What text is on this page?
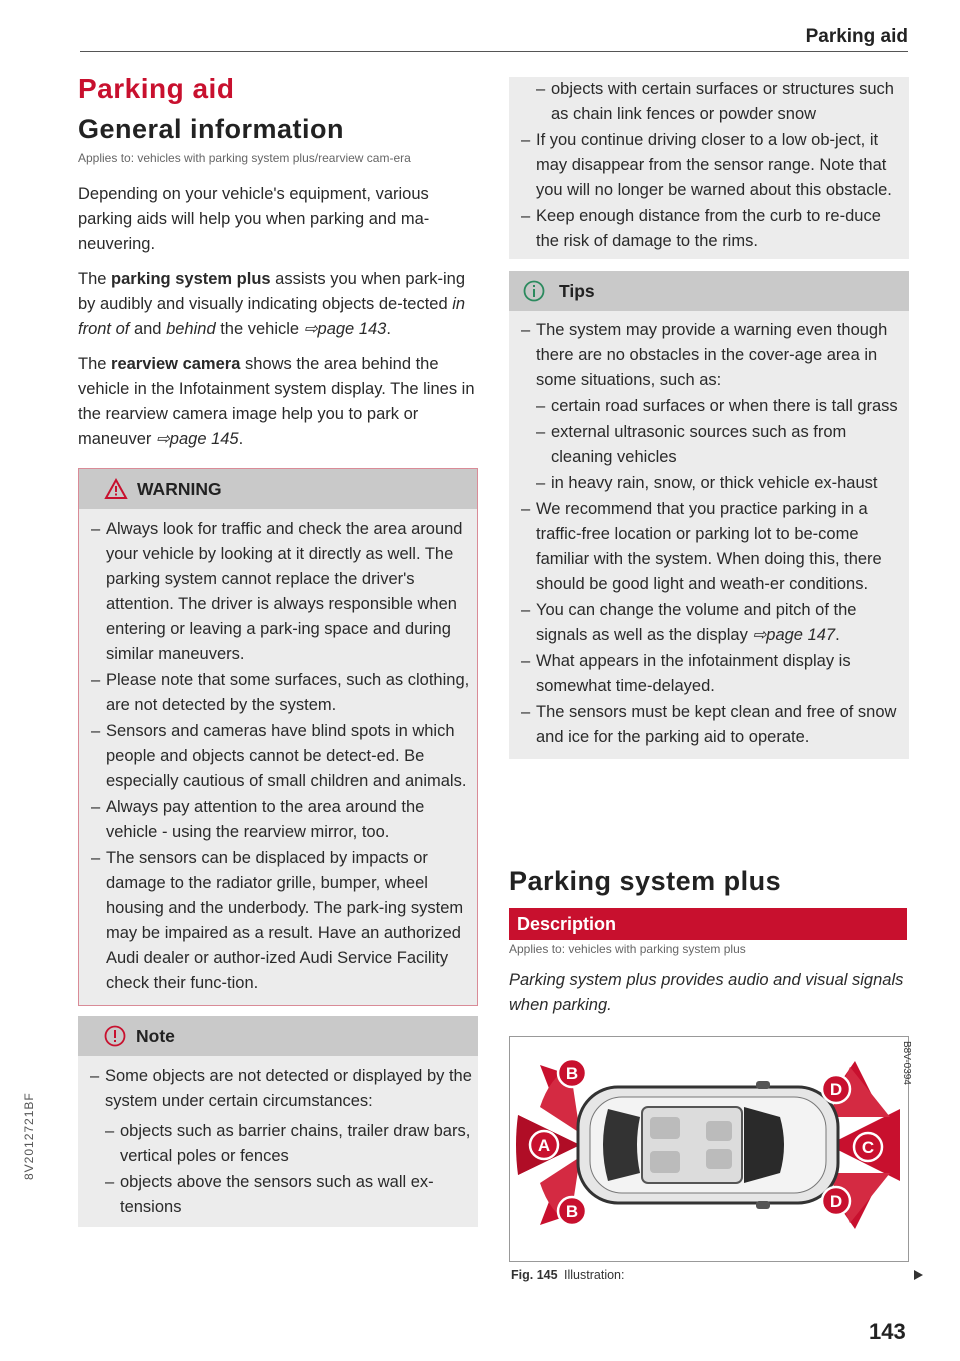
Parking aid
8V2012721BF
Parking aid
General information
Applies to: vehicles with parking system plus/rearview cam-era

Depending on your vehicle's equipment, various parking aids will help you when parking and ma-neuvering.

The parking system plus assists you when park-ing by audibly and visually indicating objects de-tected in front of and behind the vehicle ⇨page 143.

The rearview camera shows the area behind the vehicle in the Infotainment system display. The lines in the rearview camera image help you to park or maneuver ⇨page 145.

WARNING
– Always look for traffic and check the area around your vehicle by looking at it directly as well. The parking system cannot replace the driver's attention. The driver is always responsible when entering or leaving a park-ing space and during similar maneuvers.
– Please note that some surfaces, such as clothing, are not detected by the system.
– Sensors and cameras have blind spots in which people and objects cannot be detect-ed. Be especially cautious of small children and animals.
– Always pay attention to the area around the vehicle - using the rearview mirror, too.
– The sensors can be displaced by impacts or damage to the radiator grille, bumper, wheel housing and the underbody. The park-ing system may be impaired as a result. Have an authorized Audi dealer or author-ized Audi Service Facility check their func-tion.
Note
– Some objects are not detected or displayed by the system under certain circumstances:
– objects such as barrier chains, trailer draw bars, vertical poles or fences
– objects above the sensors such as wall ex-tensions
– objects with certain surfaces or structures such as chain link fences or powder snow
– If you continue driving closer to a low ob-ject, it may disappear from the sensor range. Note that you will no longer be warned about this obstacle.
– Keep enough distance from the curb to re-duce the risk of damage to the rims.
Tips
– The system may provide a warning even though there are no obstacles in the cover-age area in some situations, such as:
– certain road surfaces or when there is tall grass
– external ultrasonic sources such as from cleaning vehicles
– in heavy rain, snow, or thick vehicle ex-haust
– We recommend that you practice parking in a traffic-free location or parking lot to be-come familiar with the system. When doing this, there should be good light and weath-er conditions.
– You can change the volume and pitch of the signals as well as the display ⇨page 147.
– What appears in the infotainment display is somewhat time-delayed.
– The sensors must be kept clean and free of snow and ice for the parking aid to operate.
Parking system plus
Description
Applies to: vehicles with parking system plus
Parking system plus provides audio and visual signals when parking.
A
B
B
D
D
C
B8V-0394
Fig. 145 Illustration:
143
